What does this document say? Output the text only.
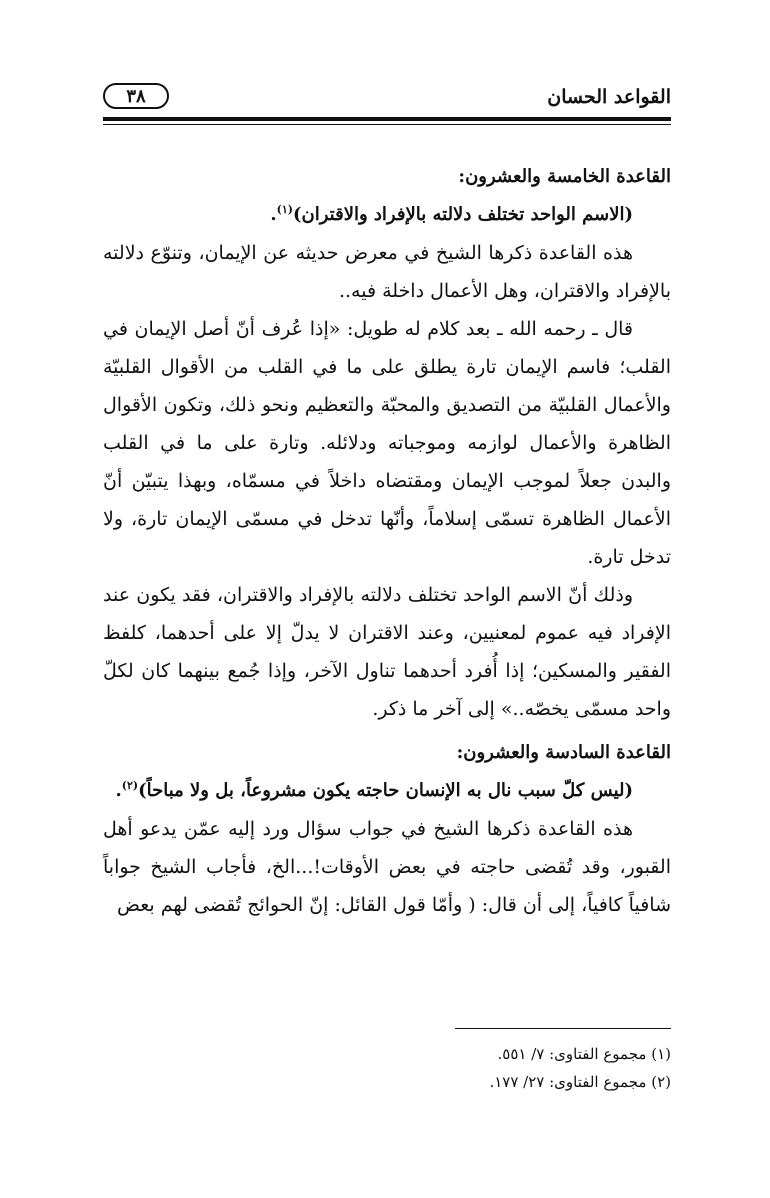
القواعد الحسان
٣٨

القاعدة الخامسة والعشرون:

(الاسم الواحد تختلف دلالته بالإفراد والاقتران)$^{(١)}$.

هذه القاعدة ذكرها الشيخ في معرض حديثه عن الإيمان، وتنوّع دلالته بالإفراد والاقتران، وهل الأعمال داخلة فيه..

قال ـ رحمه الله ـ بعد كلام له طويل: «إذا عُرف أنّ أصل الإيمان في القلب؛ فاسم الإيمان تارة يطلق على ما في القلب من الأقوال القلبيّة والأعمال القلبيّة من التصديق والمحبّة والتعظيم ونحو ذلك، وتكون الأقوال الظاهرة والأعمال لوازمه وموجباته ودلائله. وتارة على ما في القلب والبدن جعلاً لموجب الإيمان ومقتضاه داخلاً في مسمّاه، وبهذا يتبيّن أنّ الأعمال الظاهرة تسمّى إسلاماً، وأنّها تدخل في مسمّى الإيمان تارة، ولا تدخل تارة.

وذلك أنّ الاسم الواحد تختلف دلالته بالإفراد والاقتران، فقد يكون عند الإفراد فيه عموم لمعنيين، وعند الاقتران لا يدلّ إلا على أحدهما، كلفظ الفقير والمسكين؛ إذا أُفرد أحدهما تناول الآخر، وإذا جُمع بينهما كان لكلّ واحد مسمّى يخصّه..» إلى آخر ما ذكر.

القاعدة السادسة والعشرون:

(ليس كلّ سبب نال به الإنسان حاجته يكون مشروعاً، بل ولا مباحاً)$^{(٢)}$.

هذه القاعدة ذكرها الشيخ في جواب سؤال ورد إليه عمّن يدعو أهل القبور، وقد تُقضى حاجته في بعض الأوقات!...الخ، فأجاب الشيخ جواباً شافياً كافياً، إلى أن قال: ( وأمّا قول القائل: إنّ الحوائج تُقضى لهم بعض

(١) مجموع الفتاوى: ٧/ ٥٥١.

(٢) مجموع الفتاوى: ٢٧/ ١٧٧.
